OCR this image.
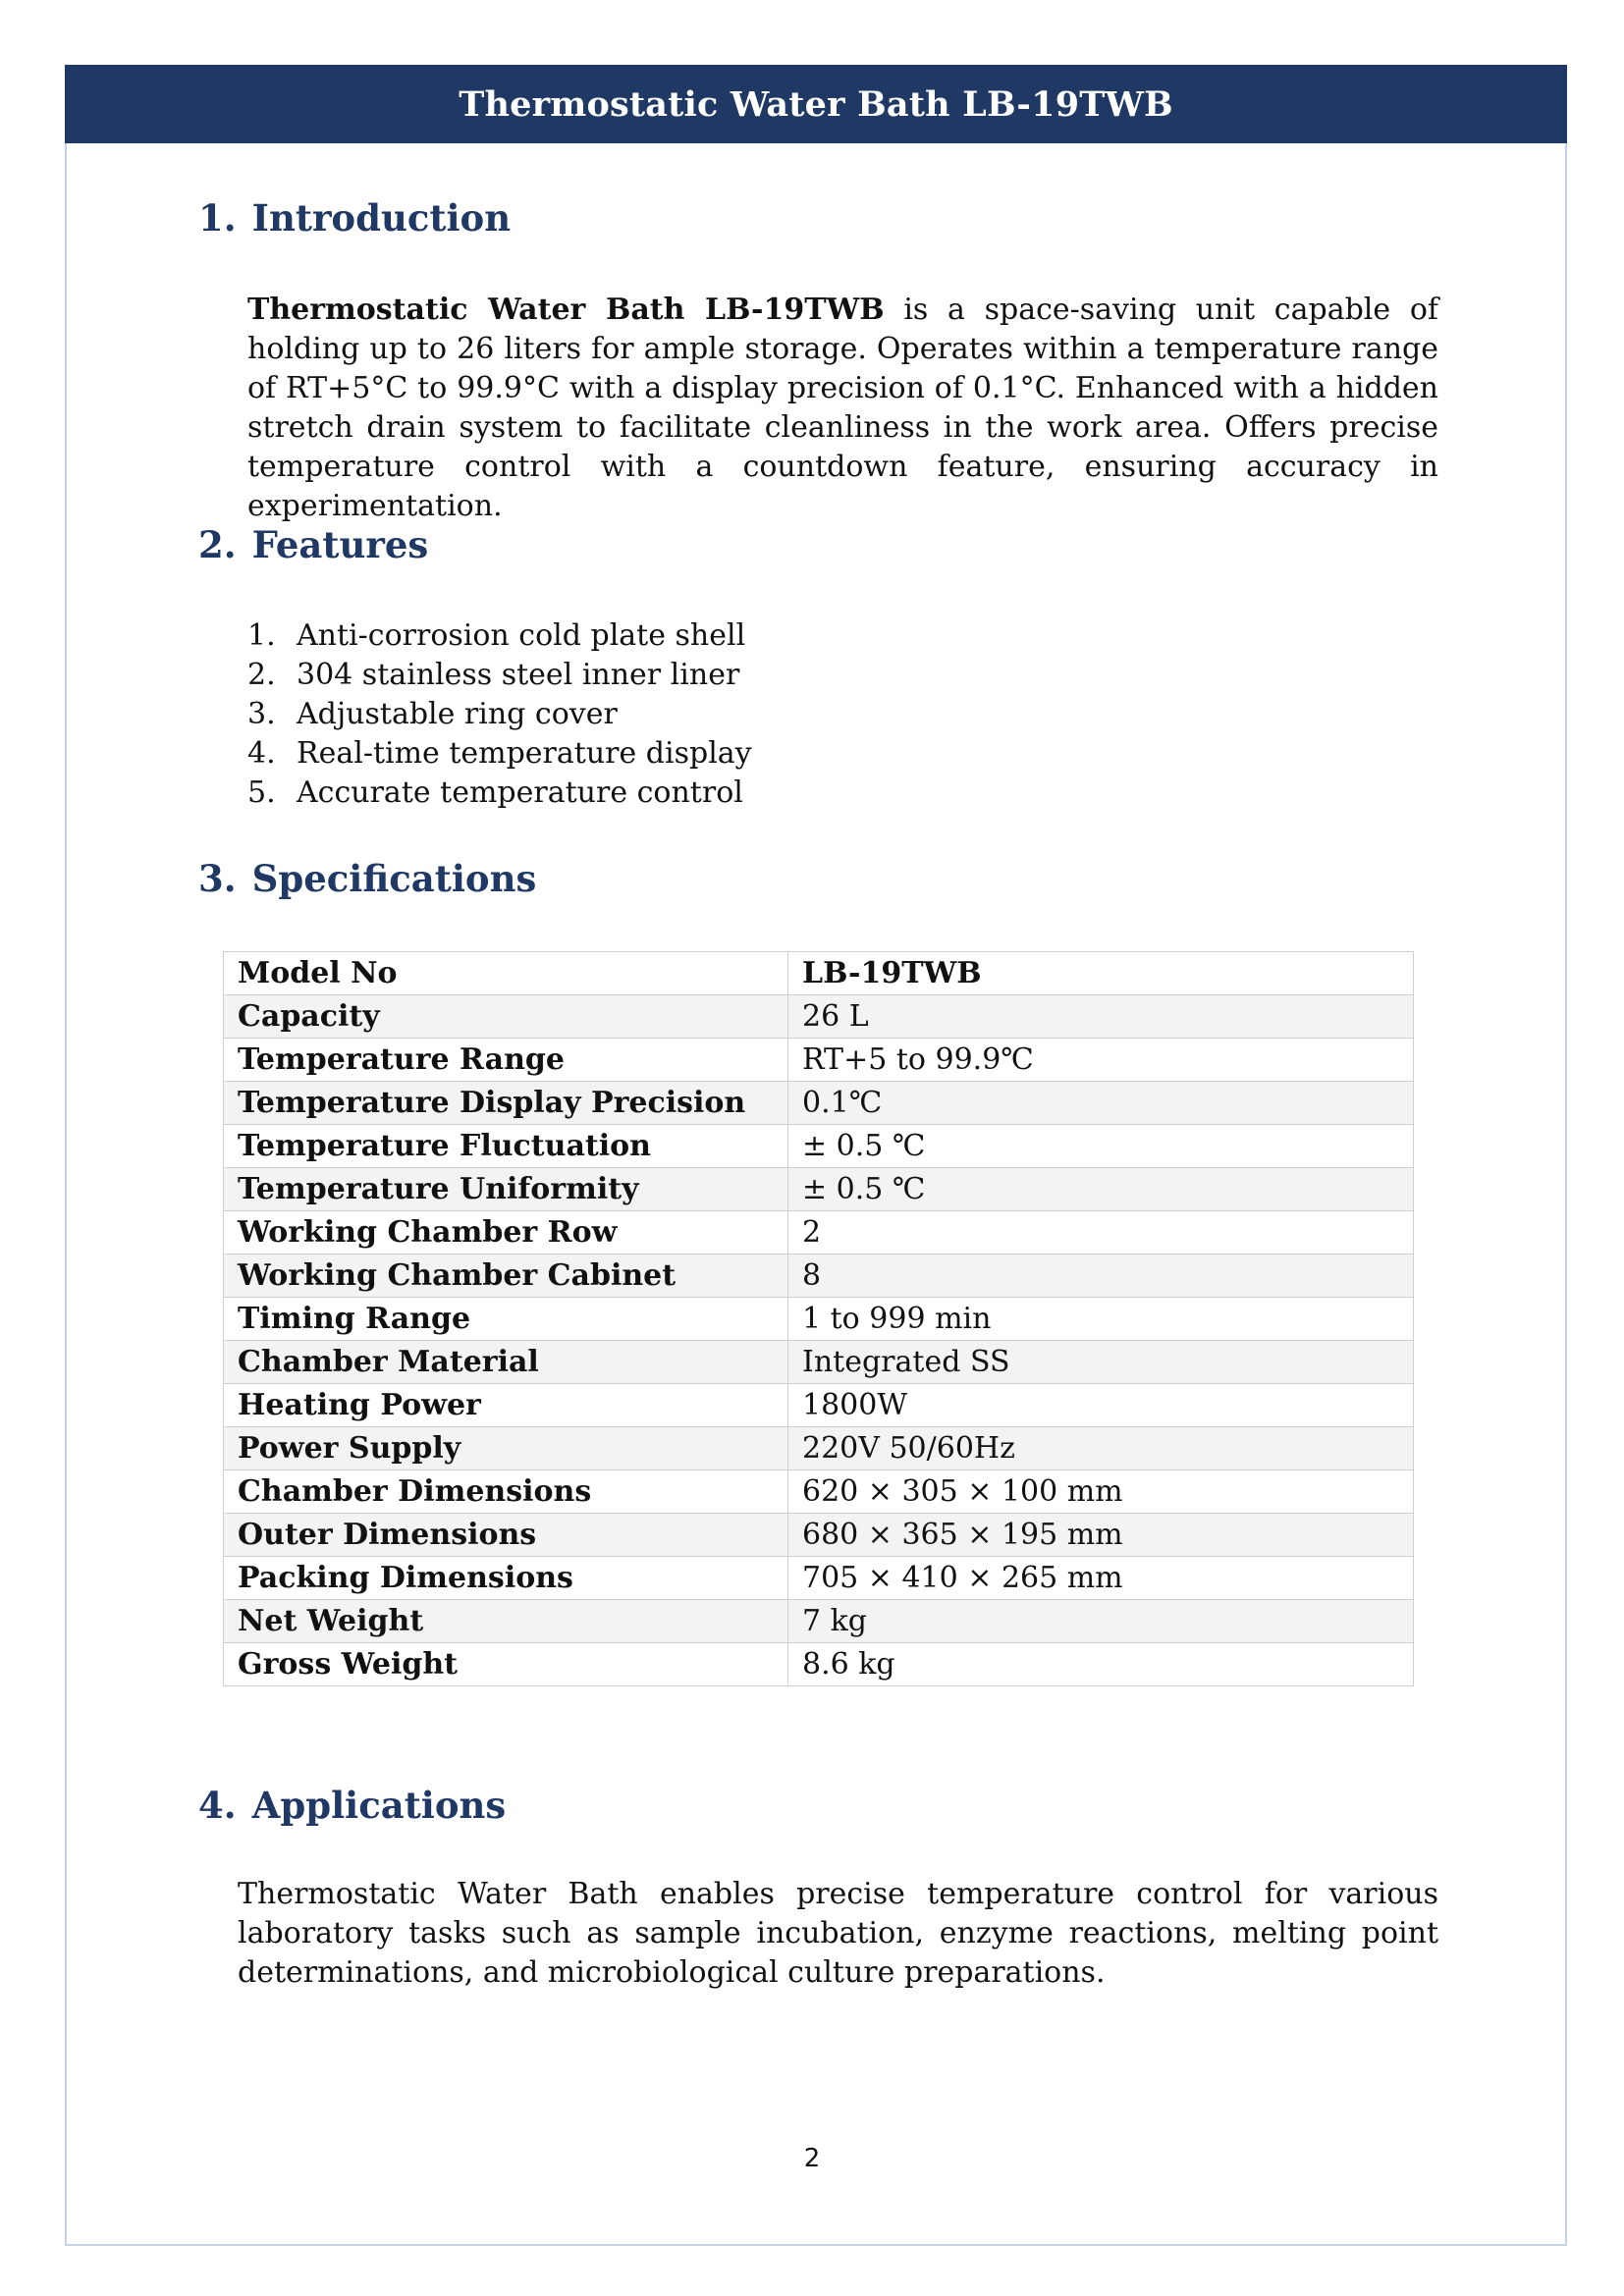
Thermostatic Water Bath LB-19TWB
1. Introduction

Thermostatic Water Bath LB-19TWB is a space-saving unit capable of holding up to 26 liters for ample storage. Operates within a temperature range of RT+5°C to 99.9°C with a display precision of 0.1°C. Enhanced with a hidden stretch drain system to facilitate cleanliness in the work area. Offers precise temperature control with a countdown feature, ensuring accuracy in experimentation.

2. Features
1. Anti-corrosion cold plate shell
2. 304 stainless steel inner liner
3. Adjustable ring cover
4. Real-time temperature display
5. Accurate temperature control
3. Specifications
Model No	LB-19TWB
Capacity	26 L
Temperature Range	RT+5 to 99.9℃
Temperature Display Precision	0.1℃
Temperature Fluctuation	± 0.5 ℃
Temperature Uniformity	± 0.5 ℃
Working Chamber Row	2
Working Chamber Cabinet	8
Timing Range	1 to 999 min
Chamber Material	Integrated SS
Heating Power	1800W
Power Supply	220V 50/60Hz
Chamber Dimensions	620 × 305 × 100 mm
Outer Dimensions	680 × 365 × 195 mm
Packing Dimensions	705 × 410 × 265 mm
Net Weight	7 kg
Gross Weight	8.6 kg
4. Applications

Thermostatic Water Bath enables precise temperature control for various laboratory tasks such as sample incubation, enzyme reactions, melting point determinations, and microbiological culture preparations.

2
